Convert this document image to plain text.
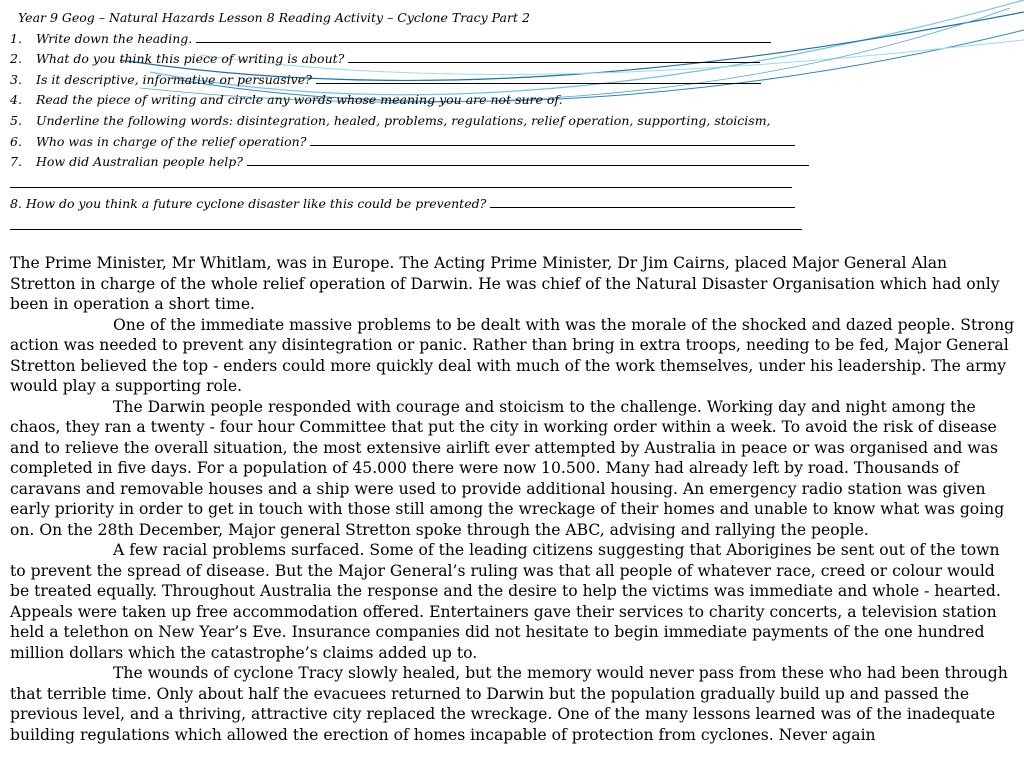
Year 9 Geog – Natural Hazards Lesson 8 Reading Activity – Cyclone Tracy Part 2
1. Write down the heading.
2. What do you think this piece of writing is about?
3. Is it descriptive, informative or persuasive?
4. Read the piece of writing and circle any words whose meaning you are not sure of.
5. Underline the following words: disintegration, healed, problems, regulations, relief operation, supporting, stoicism,
6. Who was in charge of the relief operation?
7. How did Australian people help?
8. How do you think a future cyclone disaster like this could be prevented?

The Prime Minister, Mr Whitlam, was in Europe. The Acting Prime Minister, Dr Jim Cairns, placed Major General Alan Stretton in charge of the whole relief operation of Darwin. He was chief of the Natural Disaster Organisation which had only been in operation a short time.

One of the immediate massive problems to be dealt with was the morale of the shocked and dazed people. Strong action was needed to prevent any disintegration or panic. Rather than bring in extra troops, needing to be fed, Major General Stretton believed the top - enders could more quickly deal with much of the work themselves, under his leadership. The army would play a supporting role.

The Darwin people responded with courage and stoicism to the challenge. Working day and night among the chaos, they ran a twenty - four hour Committee that put the city in working order within a week. To avoid the risk of disease and to relieve the overall situation, the most extensive airlift ever attempted by Australia in peace or was organised and was completed in five days. For a population of 45.000 there were now 10.500. Many had already left by road. Thousands of caravans and removable houses and a ship were used to provide additional housing. An emergency radio station was given early priority in order to get in touch with those still among the wreckage of their homes and unable to know what was going on. On the 28th December, Major general Stretton spoke through the ABC, advising and rallying the people.

A few racial problems surfaced. Some of the leading citizens suggesting that Aborigines be sent out of the town to prevent the spread of disease. But the Major General’s ruling was that all people of whatever race, creed or colour would be treated equally. Throughout Australia the response and the desire to help the victims was immediate and whole - hearted. Appeals were taken up free accommodation offered. Entertainers gave their services to charity concerts, a television station held a telethon on New Year’s Eve. Insurance companies did not hesitate to begin immediate payments of the one hundred million dollars which the catastrophe’s claims added up to.

The wounds of cyclone Tracy slowly healed, but the memory would never pass from these who had been through that terrible time. Only about half the evacuees returned to Darwin but the population gradually build up and passed the previous level, and a thriving, attractive city replaced the wreckage. One of the many lessons learned was of the inadequate building regulations which allowed the erection of homes incapable of protection from cyclones. Never again
